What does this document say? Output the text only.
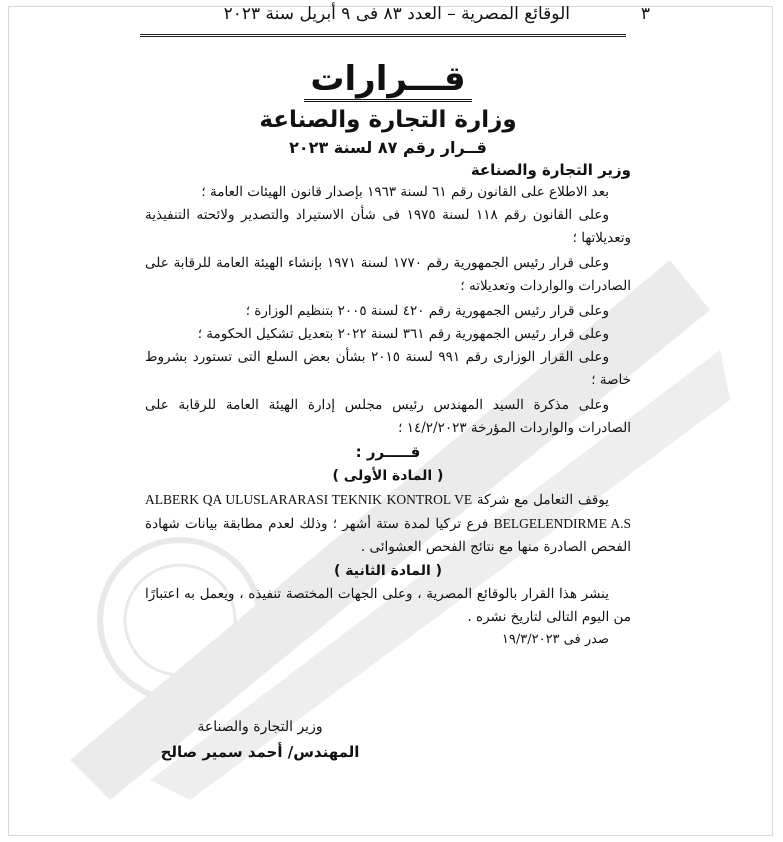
٣
الوقائع المصرية – العدد ٨٣ فى ٩ أبريل سنة ٢٠٢٣
قـــرارات
وزارة التجارة والصناعة
قــرار رقم ٨٧ لسنة ٢٠٢٣
وزير التجارة والصناعة

بعد الاطلاع على القانون رقم ٦١ لسنة ١٩٦٣ بإصدار قانون الهيئات العامة ؛

وعلى القانون رقم ١١٨ لسنة ١٩٧٥ فى شأن الاستيراد والتصدير ولائحته التنفيذية وتعديلاتها ؛

وعلى قرار رئيس الجمهورية رقم ١٧٧٠ لسنة ١٩٧١ بإنشاء الهيئة العامة للرقابة على الصادرات والواردات وتعديلاته ؛

وعلى قرار رئيس الجمهورية رقم ٤٢٠ لسنة ٢٠٠٥ بتنظيم الوزارة ؛

وعلى قرار رئيس الجمهورية رقم ٣٦١ لسنة ٢٠٢٢ بتعديل تشكيل الحكومة ؛

وعلى القرار الوزارى رقم ٩٩١ لسنة ٢٠١٥ بشأن بعض السلع التى تستورد بشروط خاصة ؛

وعلى مذكرة السيد المهندس رئيس مجلس إدارة الهيئة العامة للرقابة على الصادرات والواردات المؤرخة ١٤/٢/٢٠٢٣ ؛

قـــــرر :
( المادة الأولى )

يوقف التعامل مع شركة ALBERK QA ULUSLARARASI TEKNIK KONTROL VE BELGELENDIRME A.S فرع تركيا لمدة ستة أشهر ؛ وذلك لعدم مطابقة بيانات شهادة الفحص الصادرة منها مع نتائج الفحص العشوائى .

( المادة الثانية )

ينشر هذا القرار بالوقائع المصرية ، وعلى الجهات المختصة تنفيذه ، ويعمل به اعتبارًا من اليوم التالى لتاريخ نشره .

صدر فى ١٩/٣/٢٠٢٣
وزير التجارة والصناعة
المهندس/ أحمد سمير صالح
